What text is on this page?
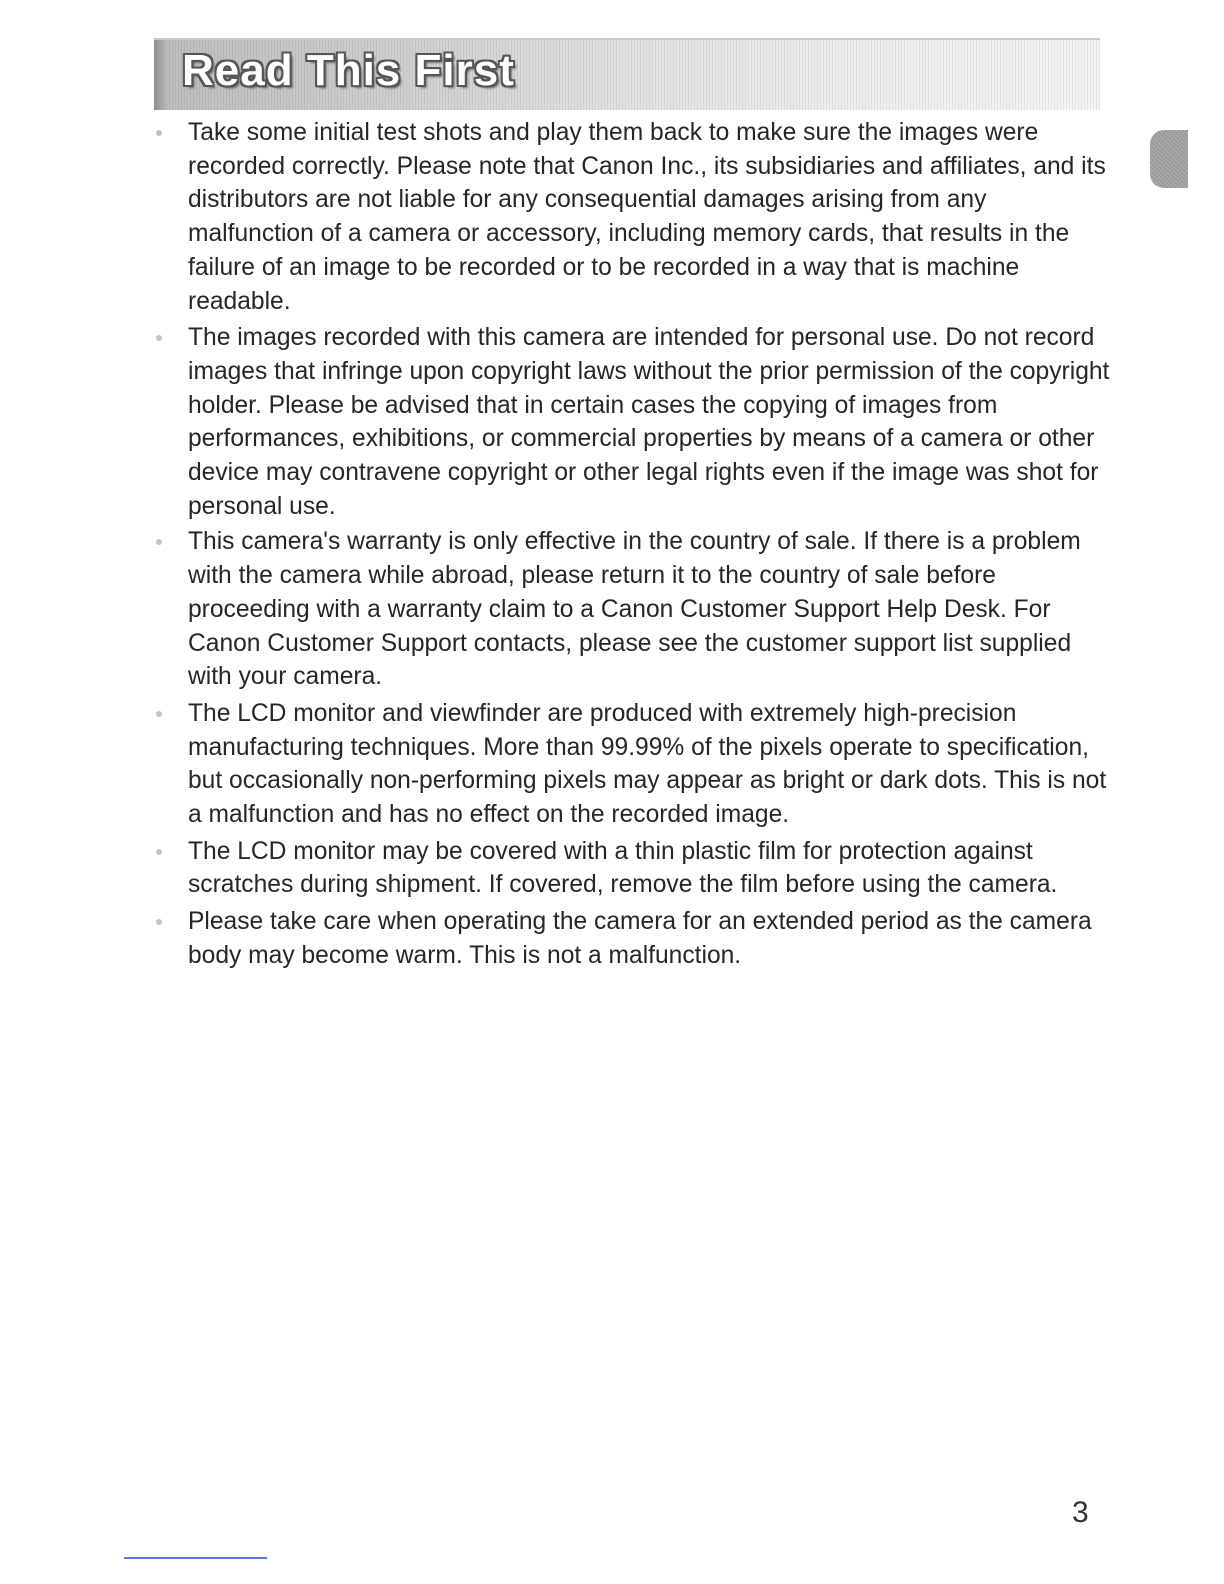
Read This First
Take some initial test shots and play them back to make sure the images were recorded correctly. Please note that Canon Inc., its subsidiaries and affiliates, and its distributors are not liable for any consequential damages arising from any malfunction of a camera or accessory, including memory cards, that results in the failure of an image to be recorded or to be recorded in a way that is machine readable.
The images recorded with this camera are intended for personal use. Do not record images that infringe upon copyright laws without the prior permission of the copyright holder. Please be advised that in certain cases the copying of images from performances, exhibitions, or commercial properties by means of a camera or other device may contravene copyright or other legal rights even if the image was shot for personal use.
This camera's warranty is only effective in the country of sale. If there is a problem with the camera while abroad, please return it to the country of sale before proceeding with a warranty claim to a Canon Customer Support Help Desk. For Canon Customer Support contacts, please see the customer support list supplied with your camera.
The LCD monitor and viewfinder are produced with extremely high-precision manufacturing techniques. More than 99.99% of the pixels operate to specification, but occasionally non-performing pixels may appear as bright or dark dots. This is not a malfunction and has no effect on the recorded image.
The LCD monitor may be covered with a thin plastic film for protection against scratches during shipment. If covered, remove the film before using the camera.
Please take care when operating the camera for an extended period as the camera body may become warm. This is not a malfunction.
3
